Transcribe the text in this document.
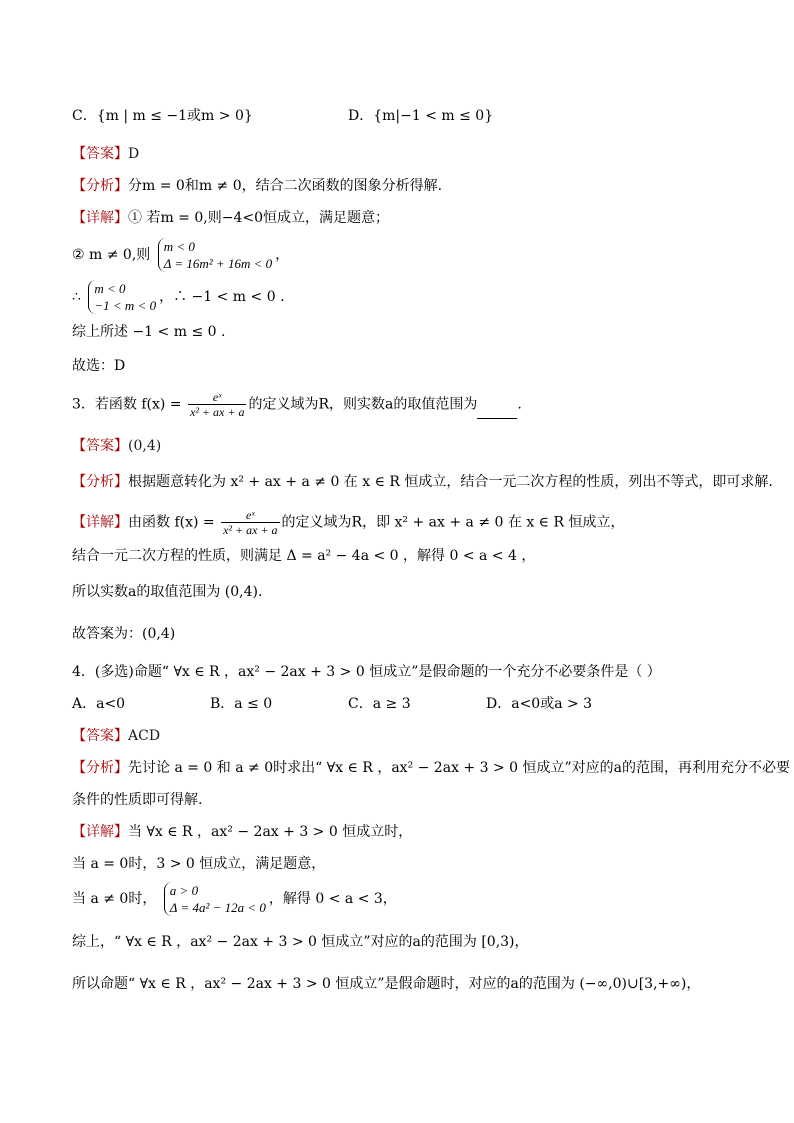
C．{m | m ≤ −1或m > 0}	D．{m|−1 < m ≤ 0}
【答案】D
【分析】分m = 0和m ≠ 0，结合二次函数的图象分析得解.
【详解】① 若m = 0,则−4<0恒成立，满足题意；
② m ≠ 0,则
m < 0
Δ = 16m² + 16m < 0
，
∴
m < 0
−1 < m < 0
，∴ −1 < m < 0 .
综上所述 −1 < m ≤ 0 .
故选：D
3．若函数 $f(x) = \frac{\text{eˣ}}{\text{x² + ax + a}}$ 的定义域为R，则实数a的取值范围为	.
【答案】(0,4)
【分析】根据题意转化为 x² + ax + a ≠ 0 在 x ∈ R 恒成立，结合一元二次方程的性质，列出不等式，即可求解.
【详解】由函数 $f(x) = \frac{\text{eˣ}}{\text{x² + ax + a}}$ 的定义域为R，即 x² + ax + a ≠ 0 在 x ∈ R 恒成立，
结合一元二次方程的性质，则满足 Δ = a² − 4a < 0 ，解得 0 < a < 4 ，
所以实数a的取值范围为 (0,4).
故答案为：(0,4)
4．(多选)命题“ ∀x ∈ R ，ax² − 2ax + 3 > 0 恒成立”是假命题的一个充分不必要条件是（ ）
A．a<0	B．a ≤ 0	C．a ≥ 3	D．a<0或a > 3
【答案】ACD
【分析】先讨论 a = 0 和 a ≠ 0时求出“ ∀x ∈ R ，ax² − 2ax + 3 > 0 恒成立”对应的a的范围，再利用充分不必要
条件的性质即可得解.
【详解】当 ∀x ∈ R ，ax² − 2ax + 3 > 0 恒成立时，
当 a = 0时，3 > 0 恒成立，满足题意，
当 a ≠ 0时，
a > 0
Δ = 4a² − 12a < 0
，解得 0 < a < 3，
综上，“ ∀x ∈ R ，ax² − 2ax + 3 > 0 恒成立”对应的a的范围为 [0,3)，
所以命题“ ∀x ∈ R ，ax² − 2ax + 3 > 0 恒成立”是假命题时，对应的a的范围为 (−∞,0)∪[3,+∞)，
